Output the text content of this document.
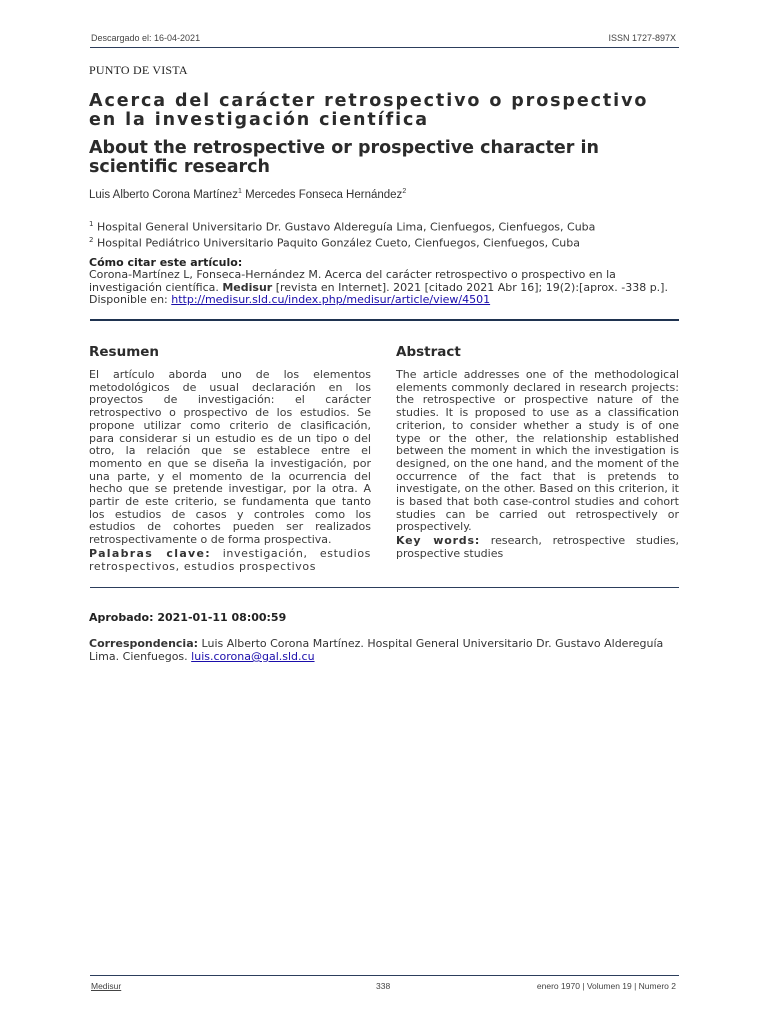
Descargado el: 16-04-2021	ISSN 1727-897X
PUNTO DE VISTA
Acerca del carácter retrospectivo o prospectivo en la investigación científica
About the retrospective or prospective character in scientific research
Luis Alberto Corona Martínez$^1$ Mercedes Fonseca Hernández$^2$
$^1$ Hospital General Universitario Dr. Gustavo Aldereguía Lima, Cienfuegos, Cienfuegos, Cuba
$^2$ Hospital Pediátrico Universitario Paquito González Cueto, Cienfuegos, Cienfuegos, Cuba
Cómo citar este artículo:
Corona-Martínez L, Fonseca-Hernández M. Acerca del carácter retrospectivo o prospectivo en la investigación científica. Medisur [revista en Internet]. 2021 [citado 2021 Abr 16]; 19(2):[aprox. -338 p.]. Disponible en: http://medisur.sld.cu/index.php/medisur/article/view/4501
Resumen
El artículo aborda uno de los elementos metodológicos de usual declaración en los proyectos de investigación: el carácter retrospectivo o prospectivo de los estudios. Se propone utilizar como criterio de clasificación, para considerar si un estudio es de un tipo o del otro, la relación que se establece entre el momento en que se diseña la investigación, por una parte, y el momento de la ocurrencia del hecho que se pretende investigar, por la otra. A partir de este criterio, se fundamenta que tanto los estudios de casos y controles como los estudios de cohortes pueden ser realizados retrospectivamente o de forma prospectiva.
Palabras clave: investigación, estudios retrospectivos, estudios prospectivos
Abstract
The article addresses one of the methodological elements commonly declared in research projects: the retrospective or prospective nature of the studies. It is proposed to use as a classification criterion, to consider whether a study is of one type or the other, the relationship established between the moment in which the investigation is designed, on the one hand, and the moment of the occurrence of the fact that is pretends to investigate, on the other. Based on this criterion, it is based that both case-control studies and cohort studies can be carried out retrospectively or prospectively.
Key words: research, retrospective studies, prospective studies
Aprobado: 2021-01-11 08:00:59
Correspondencia: Luis Alberto Corona Martínez. Hospital General Universitario Dr. Gustavo Aldereguía Lima. Cienfuegos. luis.corona@gal.sld.cu
Medisur	338	enero 1970 | Volumen 19 | Numero 2
